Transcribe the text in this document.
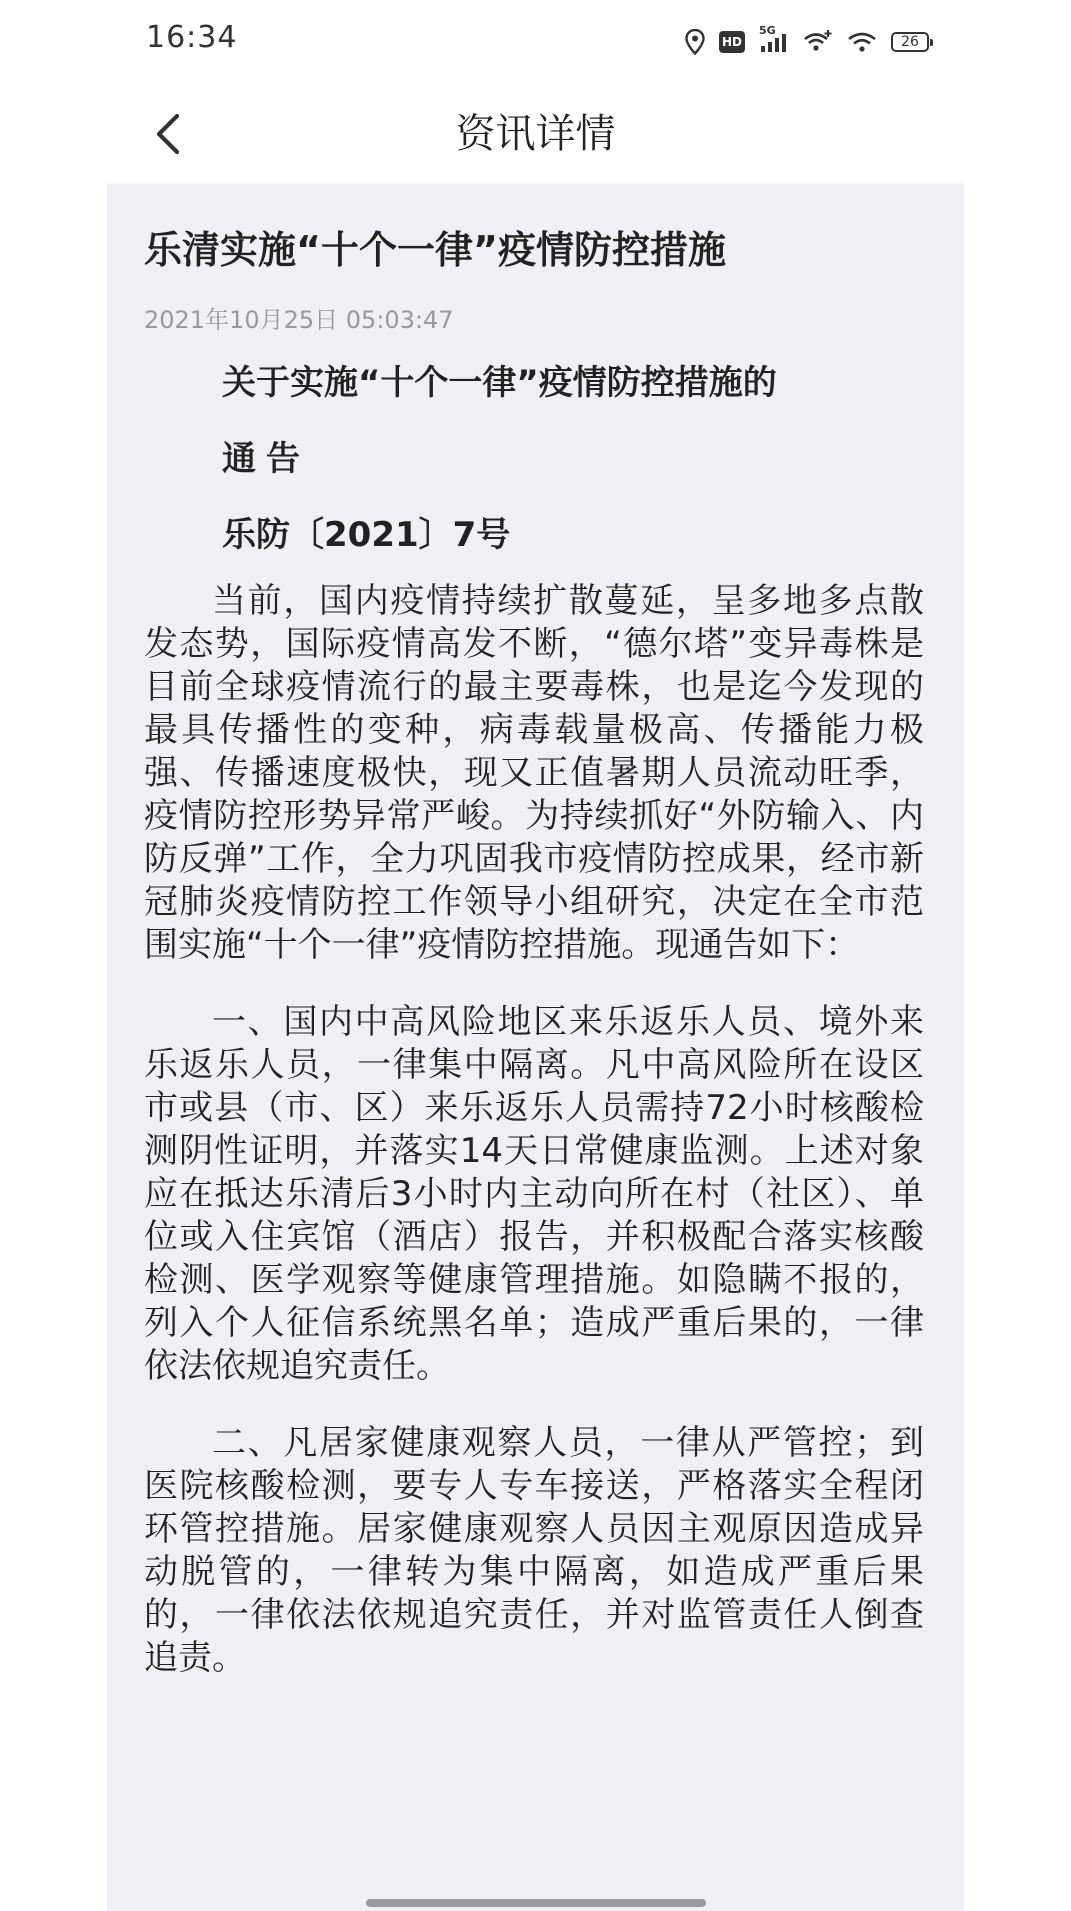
16:34	HD
5G
26
资讯详情
乐清实施“十个一律”疫情防控措施
2021年10月25日 05:03:47
关于实施“十个一律”疫情防控措施的
通告
乐防〔2021〕7号

当前，国内疫情持续扩散蔓延，呈多地多点散发态势，国际疫情高发不断，“德尔塔”变异毒株是目前全球疫情流行的最主要毒株，也是迄今发现的最具传播性的变种，病毒载量极高、传播能力极强、传播速度极快，现又正值暑期人员流动旺季，疫情防控形势异常严峻。为持续抓好“外防输入、内防反弹”工作，全力巩固我市疫情防控成果，经市新冠肺炎疫情防控工作领导小组研究，决定在全市范围实施“十个一律”疫情防控措施。现通告如下：

一、国内中高风险地区来乐返乐人员、境外来乐返乐人员，一律集中隔离。凡中高风险所在设区市或县（市、区）来乐返乐人员需持72小时核酸检测阴性证明，并落实14天日常健康监测。上述对象应在抵达乐清后3小时内主动向所在村（社区）、单位或入住宾馆（酒店）报告，并积极配合落实核酸检测、医学观察等健康管理措施。如隐瞒不报的，列入个人征信系统黑名单；造成严重后果的，一律依法依规追究责任。

二、凡居家健康观察人员，一律从严管控；到医院核酸检测，要专人专车接送，严格落实全程闭环管控措施。居家健康观察人员因主观原因造成异动脱管的，一律转为集中隔离，如造成严重后果的，一律依法依规追究责任，并对监管责任人倒查追责。
